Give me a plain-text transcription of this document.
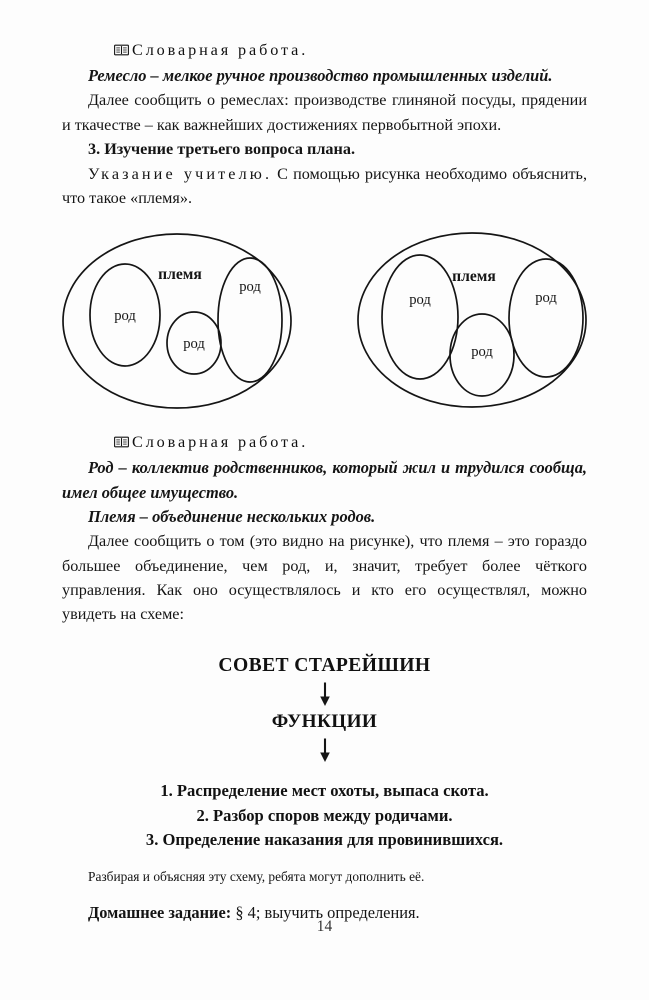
Словарная работа.

Ремесло – мелкое ручное производство промышленных изделий.

Далее сообщить о ремеслах: производстве глиняной посуды, прядении и ткачестве – как важнейших достижениях первобытной эпохи.

3. Изучение третьего вопроса плана.

Указание учителю. С помощью рисунка необходимо объяснить, что такое «племя».

племя
род
род
род
племя
род
род
род
Словарная работа.

Род – коллектив родственников, который жил и трудился сообща, имел общее имущество.

Племя – объединение нескольких родов.

Далее сообщить о том (это видно на рисунке), что племя – это гораздо большее объединение, чем род, и, значит, требует более чёткого управления. Как оно осуществлялось и кто его осуществлял, можно увидеть на схеме:

СОВЕТ СТАРЕЙШИН
ФУНКЦИИ
1. Распределение мест охоты, выпаса скота.
2. Разбор споров между родичами.
3. Определение наказания для провинившихся.

Разбирая и объясняя эту схему, ребята могут дополнить её.

Домашнее задание: § 4; выучить определения.

14
